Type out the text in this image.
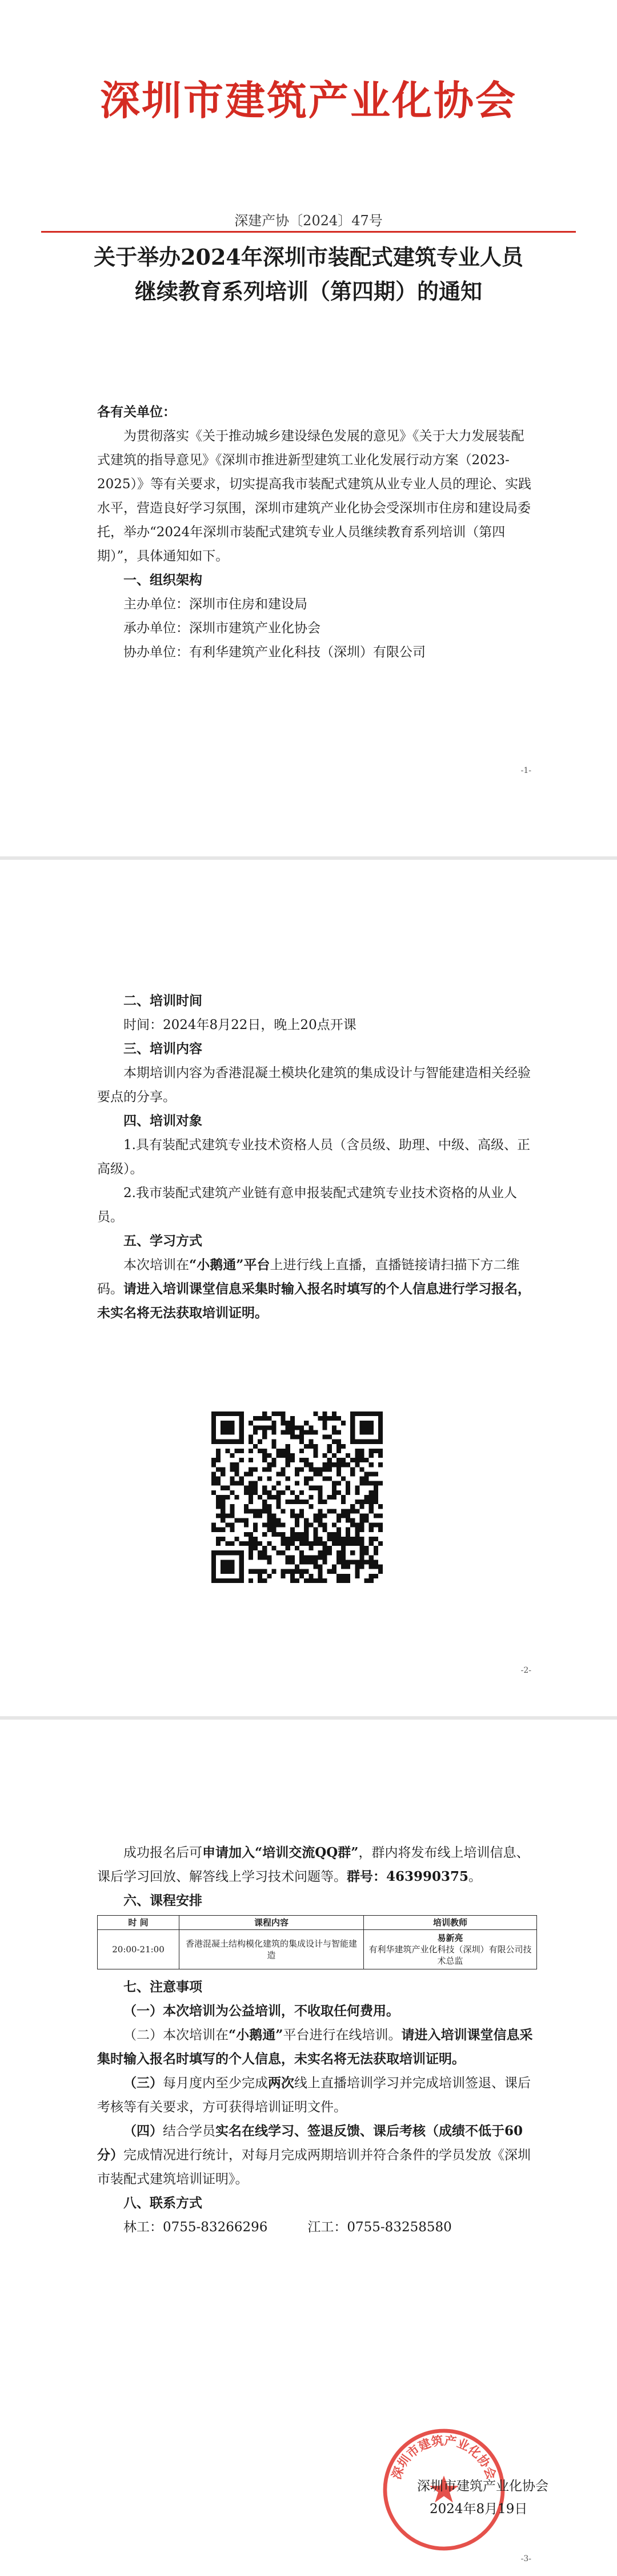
深圳市建筑产业化协会
深建产协〔2024〕47号
关于举办2024年深圳市装配式建筑专业人员
继续教育系列培训（第四期）的通知

各有关单位：

为贯彻落实《关于推动城乡建设绿色发展的意见》《关于大力发展装配式建筑的指导意见》《深圳市推进新型建筑工业化发展行动方案（2023-2025）》等有关要求，切实提高我市装配式建筑从业专业人员的理论、实践水平，营造良好学习氛围，深圳市建筑产业化协会受深圳市住房和建设局委托，举办“2024年深圳市装配式建筑专业人员继续教育系列培训（第四期）”，具体通知如下。

一、组织架构

主办单位：深圳市住房和建设局

承办单位：深圳市建筑产业化协会

协办单位：有利华建筑产业化科技（深圳）有限公司

-1-

二、培训时间

时间：2024年8月22日，晚上20点开课

三、培训内容

本期培训内容为香港混凝土模块化建筑的集成设计与智能建造相关经验要点的分享。

四、培训对象

1.具有装配式建筑专业技术资格人员（含员级、助理、中级、高级、正高级）。

2.我市装配式建筑产业链有意申报装配式建筑专业技术资格的从业人员。

五、学习方式

本次培训在“小鹅通”平台上进行线上直播，直播链接请扫描下方二维码。请进入培训课堂信息采集时输入报名时填写的个人信息进行学习报名，未实名将无法获取培训证明。

-2-

成功报名后可申请加入“培训交流QQ群”，群内将发布线上培训信息、课后学习回放、解答线上学习技术问题等。群号：463990375。

六、课程安排

时 间	课程内容	培训教师
20:00-21:00	香港混凝土结构模化建筑的集成设计与智能建造	易新亮
有利华建筑产业化科技（深圳）有限公司技术总监

七、注意事项

（一）本次培训为公益培训，不收取任何费用。

（二）本次培训在“小鹅通”平台进行在线培训。请进入培训课堂信息采集时输入报名时填写的个人信息，未实名将无法获取培训证明。

（三）每月度内至少完成两次线上直播培训学习并完成培训签退、课后考核等有关要求，方可获得培训证明文件。

（四）结合学员实名在线学习、签退反馈、课后考核（成绩不低于60分）完成情况进行统计，对每月完成两期培训并符合条件的学员发放《深圳市装配式建筑培训证明》。

八、联系方式

林工：0755-83266296	江工：0755-83258580

深圳市建筑产业化协会
深圳市建筑产业化协会
2024年8月19日
-3-
